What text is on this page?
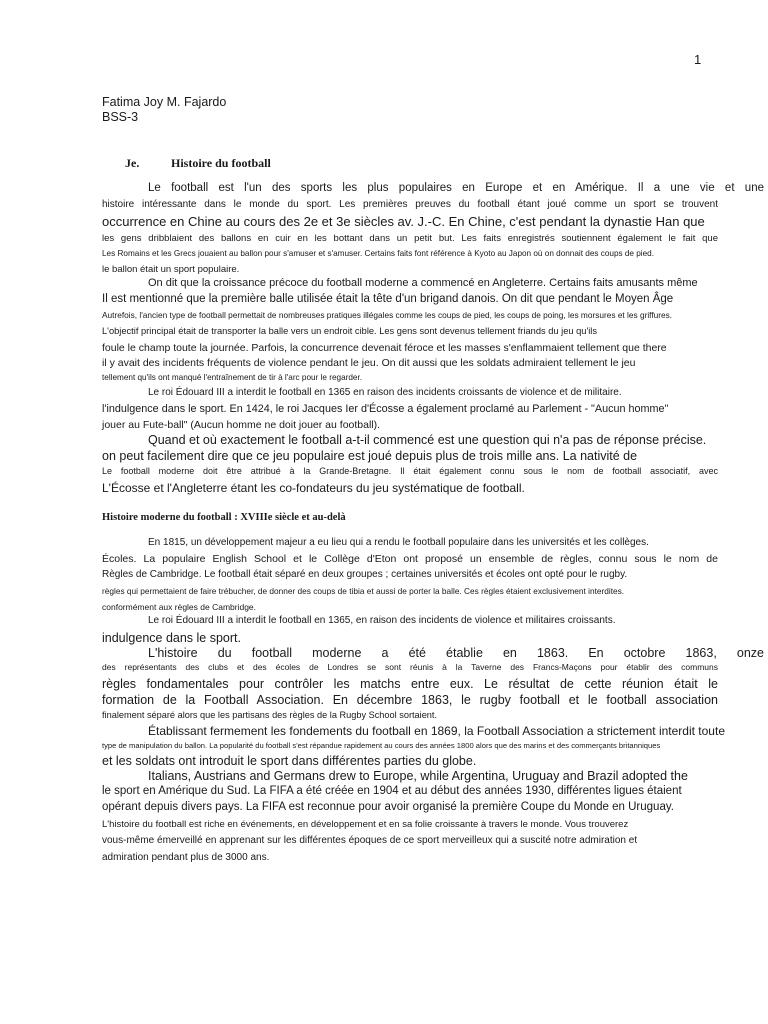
1
Fatima Joy M. Fajardo
BSS-3
Je.	Histoire du football
Le football est l'un des sports les plus populaires en Europe et en Amérique. Il a une vie et une
histoire intéressante dans le monde du sport. Les premières preuves du football étant joué comme un sport se trouvent
occurrence en Chine au cours des 2e et 3e siècles av. J.-C. En Chine, c'est pendant la dynastie Han que
les gens dribblaient des ballons en cuir en les bottant dans un petit but. Les faits enregistrés soutiennent également le fait que
Les Romains et les Grecs jouaient au ballon pour s'amuser et s'amuser. Certains faits font référence à Kyoto au Japon où on donnait des coups de pied.
le ballon était un sport populaire.
On dit que la croissance précoce du football moderne a commencé en Angleterre. Certains faits amusants même
Il est mentionné que la première balle utilisée était la tête d'un brigand danois. On dit que pendant le Moyen Âge
Autrefois, l'ancien type de football permettait de nombreuses pratiques illégales comme les coups de pied, les coups de poing, les morsures et les griffures.
L'objectif principal était de transporter la balle vers un endroit cible. Les gens sont devenus tellement friands du jeu qu'ils
foule le champ toute la journée. Parfois, la concurrence devenait féroce et les masses s'enflammaient tellement que there
il y avait des incidents fréquents de violence pendant le jeu. On dit aussi que les soldats admiraient tellement le jeu
tellement qu'ils ont manqué l'entraînement de tir à l'arc pour le regarder.
Le roi Édouard III a interdit le football en 1365 en raison des incidents croissants de violence et de militaire.
l'indulgence dans le sport. En 1424, le roi Jacques Ier d'Écosse a également proclamé au Parlement - "Aucun homme"
jouer au Fute-ball" (Aucun homme ne doit jouer au football).
Quand et où exactement le football a-t-il commencé est une question qui n'a pas de réponse précise.
on peut facilement dire que ce jeu populaire est joué depuis plus de trois mille ans. La nativité de
Le football moderne doit être attribué à la Grande-Bretagne. Il était également connu sous le nom de football associatif, avec
L'Écosse et l'Angleterre étant les co-fondateurs du jeu systématique de football.
Histoire moderne du football : XVIIIe siècle et au-delà
En 1815, un développement majeur a eu lieu qui a rendu le football populaire dans les universités et les collèges.
Écoles. La populaire English School et le Collège d'Eton ont proposé un ensemble de règles, connu sous le nom de
Règles de Cambridge. Le football était séparé en deux groupes ; certaines universités et écoles ont opté pour le rugby.
règles qui permettaient de faire trébucher, de donner des coups de tibia et aussi de porter la balle. Ces règles étaient exclusivement interdites.
conformément aux règles de Cambridge.
Le roi Édouard III a interdit le football en 1365, en raison des incidents de violence et militaires croissants.
indulgence dans le sport.
L'histoire du football moderne a été établie en 1863. En octobre 1863, onze
des représentants des clubs et des écoles de Londres se sont réunis à la Taverne des Francs-Maçons pour établir des communs
règles fondamentales pour contrôler les matchs entre eux. Le résultat de cette réunion était le
formation de la Football Association. En décembre 1863, le rugby football et le football association
finalement séparé alors que les partisans des règles de la Rugby School sortaient.
Établissant fermement les fondements du football en 1869, la Football Association a strictement interdit toute
type de manipulation du ballon. La popularité du football s'est répandue rapidement au cours des années 1800 alors que des marins et des commerçants britanniques
et les soldats ont introduit le sport dans différentes parties du globe.
Italians, Austrians and Germans drew to Europe, while Argentina, Uruguay and Brazil adopted the
le sport en Amérique du Sud. La FIFA a été créée en 1904 et au début des années 1930, différentes ligues étaient
opérant depuis divers pays. La FIFA est reconnue pour avoir organisé la première Coupe du Monde en Uruguay.
L'histoire du football est riche en événements, en développement et en sa folie croissante à travers le monde. Vous trouverez
vous-même émerveillé en apprenant sur les différentes époques de ce sport merveilleux qui a suscité notre admiration et
admiration pendant plus de 3000 ans.
